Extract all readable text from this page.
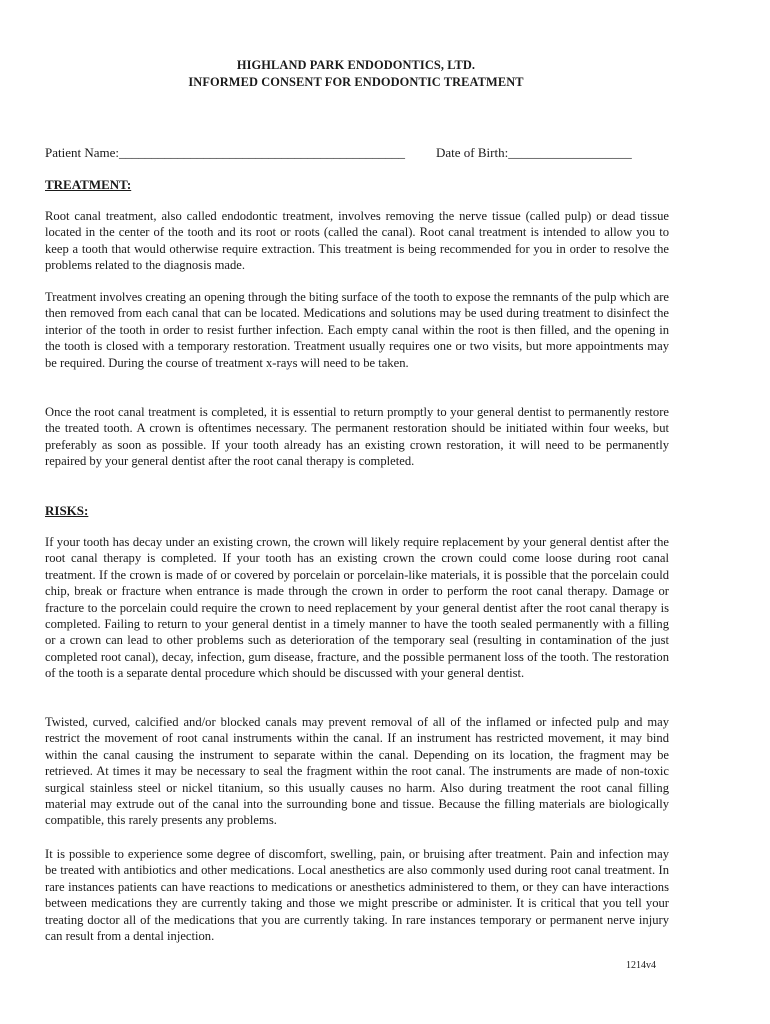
HIGHLAND PARK ENDODONTICS, LTD.
INFORMED CONSENT FOR ENDODONTIC TREATMENT
Patient Name:____________________________________________ Date of Birth:___________________
TREATMENT:

Root canal treatment, also called endodontic treatment, involves removing the nerve tissue (called pulp) or dead tissue located in the center of the tooth and its root or roots (called the canal). Root canal treatment is intended to allow you to keep a tooth that would otherwise require extraction. This treatment is being recommended for you in order to resolve the problems related to the diagnosis made.

Treatment involves creating an opening through the biting surface of the tooth to expose the remnants of the pulp which are then removed from each canal that can be located. Medications and solutions may be used during treatment to disinfect the interior of the tooth in order to resist further infection. Each empty canal within the root is then filled, and the opening in the tooth is closed with a temporary restoration. Treatment usually requires one or two visits, but more appointments may be required. During the course of treatment x-rays will need to be taken.

Once the root canal treatment is completed, it is essential to return promptly to your general dentist to permanently restore the treated tooth. A crown is oftentimes necessary. The permanent restoration should be initiated within four weeks, but preferably as soon as possible. If your tooth already has an existing crown restoration, it will need to be permanently repaired by your general dentist after the root canal therapy is completed.

RISKS:

If your tooth has decay under an existing crown, the crown will likely require replacement by your general dentist after the root canal therapy is completed. If your tooth has an existing crown the crown could come loose during root canal treatment. If the crown is made of or covered by porcelain or porcelain-like materials, it is possible that the porcelain could chip, break or fracture when entrance is made through the crown in order to perform the root canal therapy. Damage or fracture to the porcelain could require the crown to need replacement by your general dentist after the root canal therapy is completed. Failing to return to your general dentist in a timely manner to have the tooth sealed permanently with a filling or a crown can lead to other problems such as deterioration of the temporary seal (resulting in contamination of the just completed root canal), decay, infection, gum disease, fracture, and the possible permanent loss of the tooth. The restoration of the tooth is a separate dental procedure which should be discussed with your general dentist.

Twisted, curved, calcified and/or blocked canals may prevent removal of all of the inflamed or infected pulp and may restrict the movement of root canal instruments within the canal. If an instrument has restricted movement, it may bind within the canal causing the instrument to separate within the canal. Depending on its location, the fragment may be retrieved. At times it may be necessary to seal the fragment within the root canal. The instruments are made of non-toxic surgical stainless steel or nickel titanium, so this usually causes no harm. Also during treatment the root canal filling material may extrude out of the canal into the surrounding bone and tissue. Because the filling materials are biologically compatible, this rarely presents any problems.

It is possible to experience some degree of discomfort, swelling, pain, or bruising after treatment. Pain and infection may be treated with antibiotics and other medications. Local anesthetics are also commonly used during root canal treatment. In rare instances patients can have reactions to medications or anesthetics administered to them, or they can have interactions between medications they are currently taking and those we might prescribe or administer. It is critical that you tell your treating doctor all of the medications that you are currently taking. In rare instances temporary or permanent nerve injury can result from a dental injection.

1214v4
